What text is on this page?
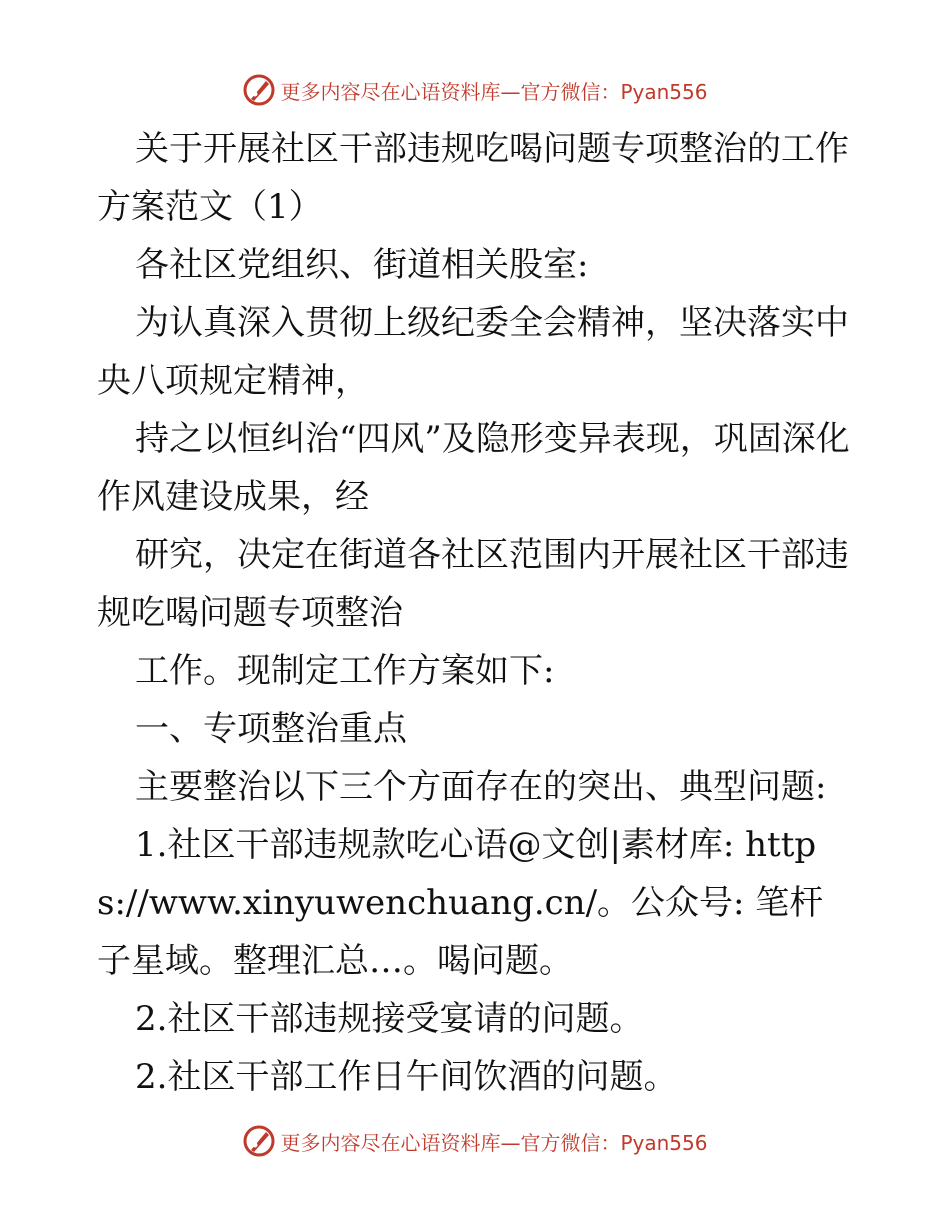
更多内容尽在心语资料库—官方微信：Pyan556

关于开展社区干部违规吃喝问题专项整治的工作方案范文（1）

各社区党组织、街道相关股室:

为认真深入贯彻上级纪委全会精神，坚决落实中央八项规定精神，

持之以恒纠治“四风”及隐形变异表现，巩固深化作风建设成果，经

研究，决定在街道各社区范围内开展社区干部违规吃喝问题专项整治

工作。现制定工作方案如下:

一、专项整治重点

主要整治以下三个方面存在的突出、典型问题:

1.社区干部违规款吃心语@文创|素材库: https://www.xinyuwenchuang.cn/。公众号: 笔杆子星域。整理汇总…。喝问题。

2.社区干部违规接受宴请的问题。

2.社区干部工作日午间饮酒的问题。

更多内容尽在心语资料库—官方微信：Pyan556
